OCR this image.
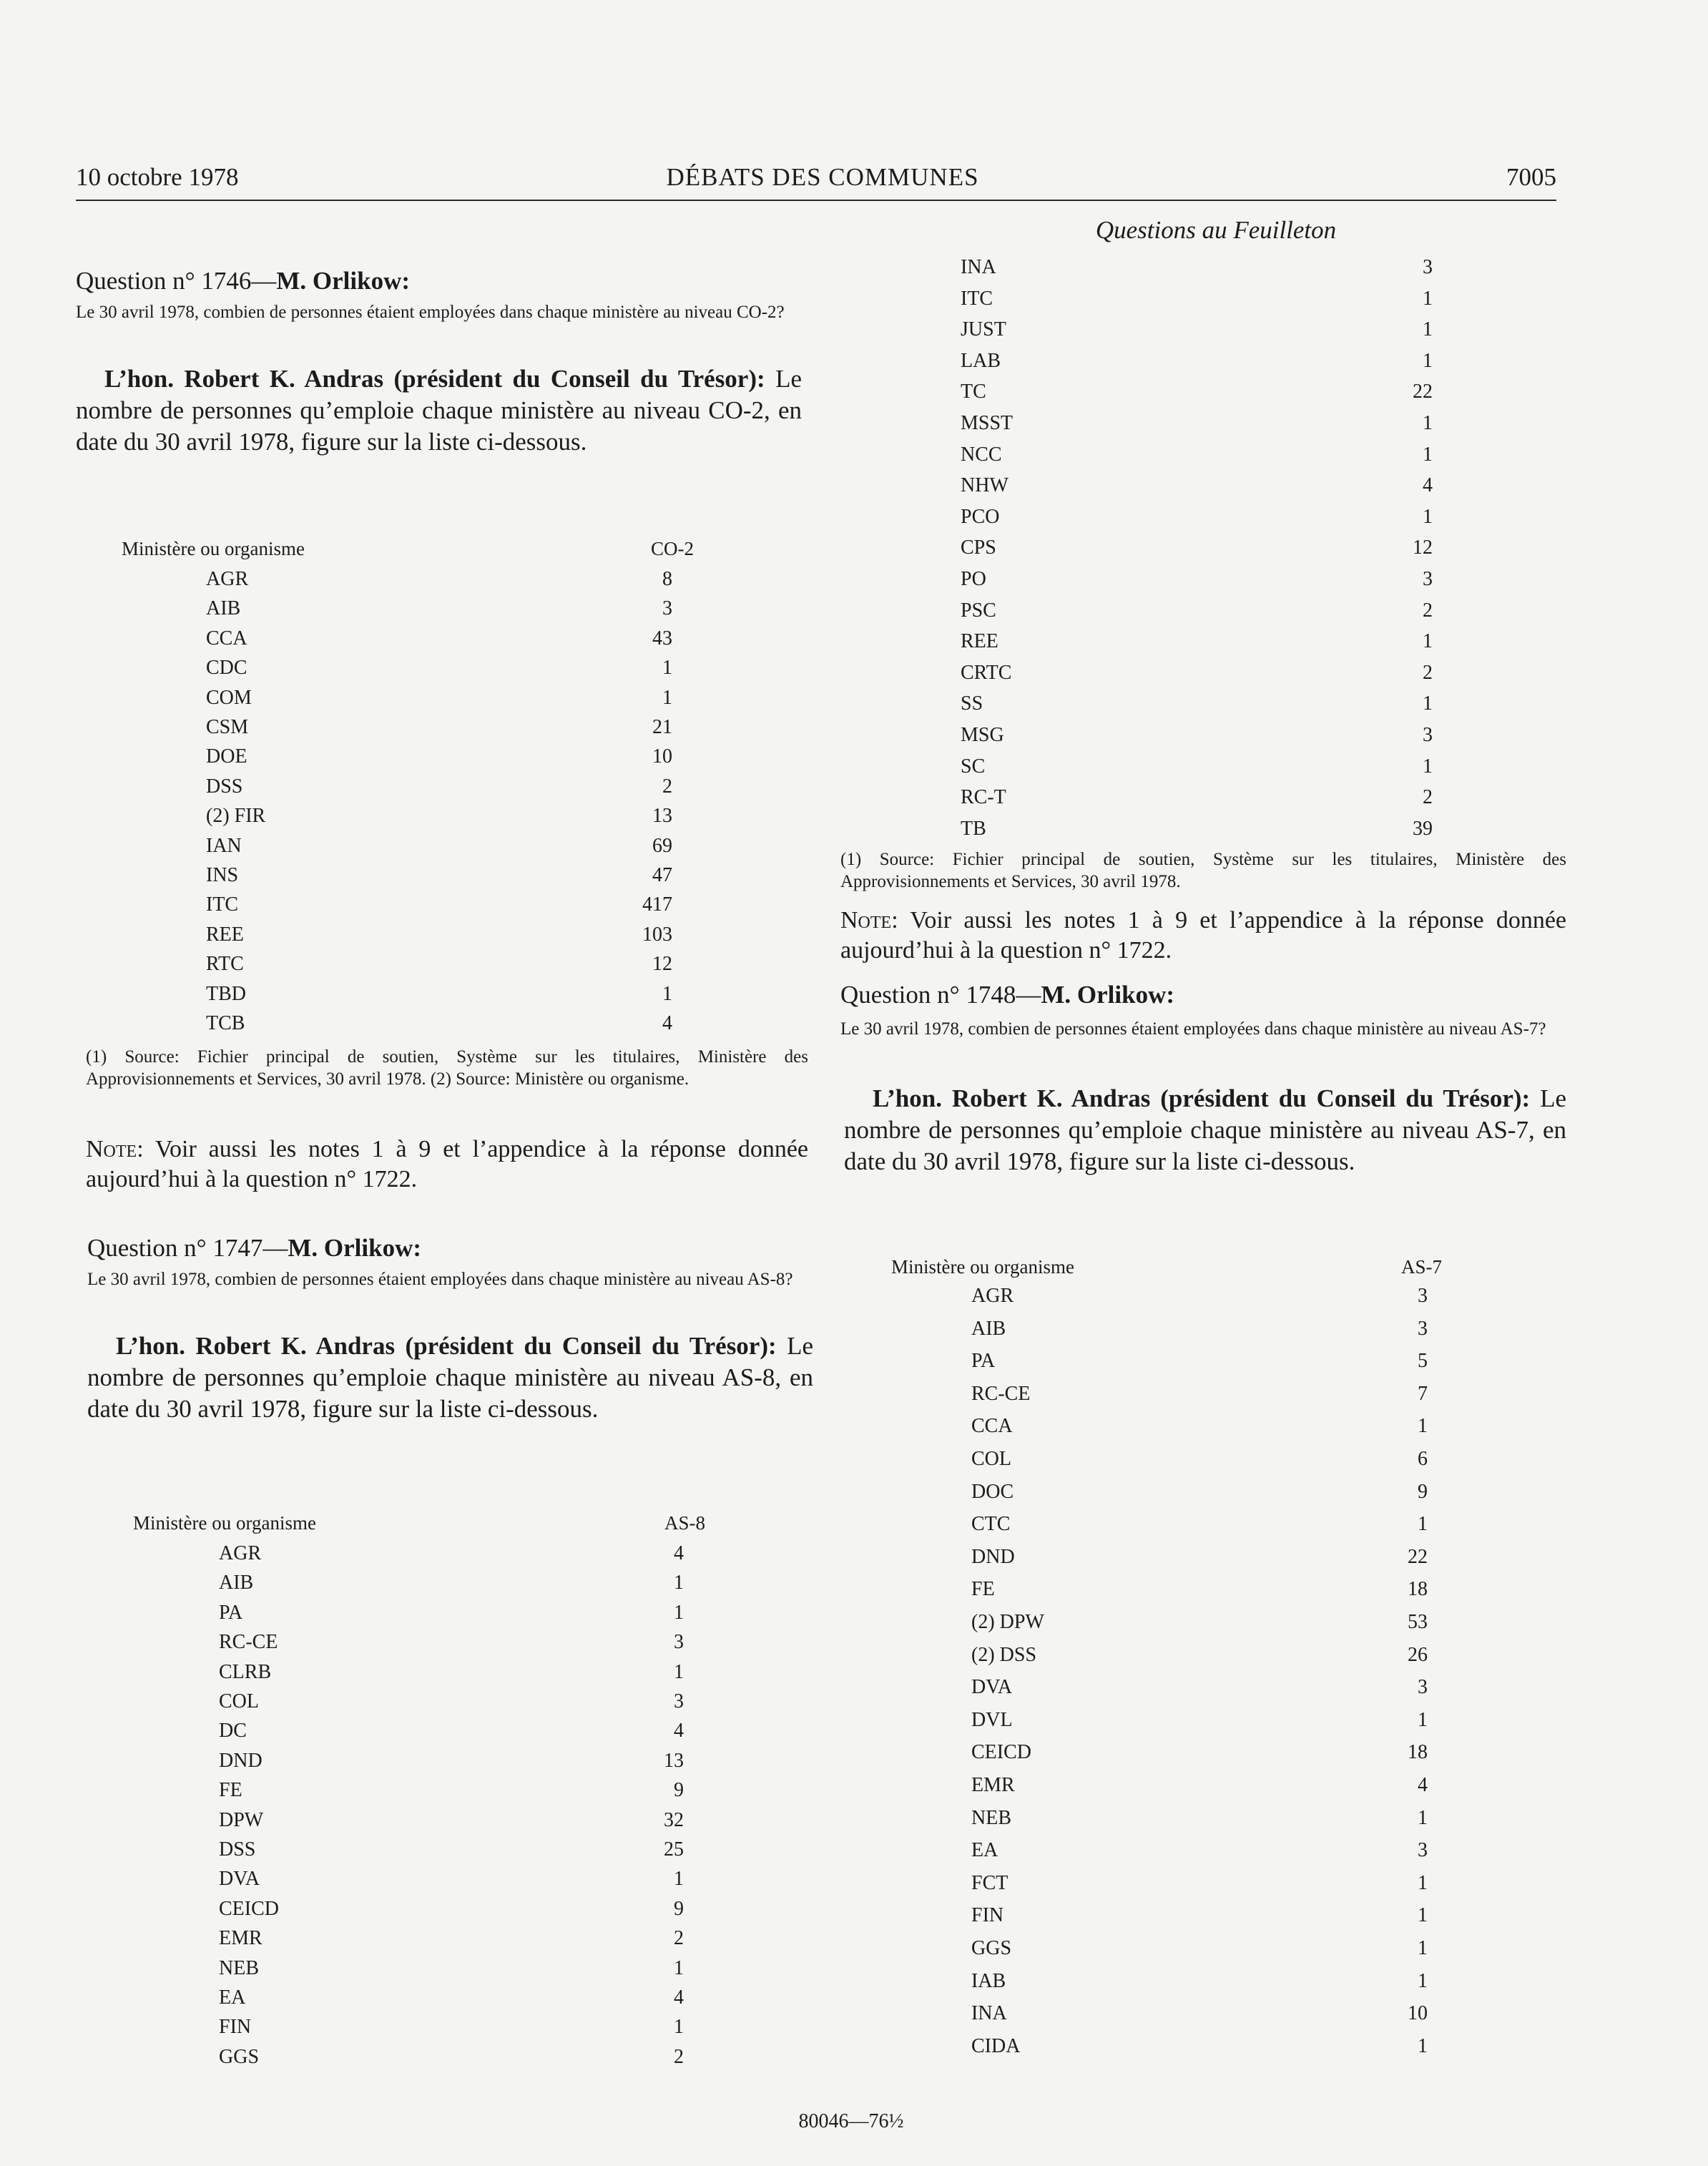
10 octobre 1978	DÉBATS DES COMMUNES	7005
Questions au Feuilleton
Question n° 1746—M. Orlikow:
Le 30 avril 1978, combien de personnes étaient employées dans chaque ministère au niveau CO-2?
L’hon. Robert K. Andras (président du Conseil du Trésor): Le nombre de personnes qu’emploie chaque ministère au niveau CO-2, en date du 30 avril 1978, figure sur la liste ci-dessous.
Ministère ou organisme	CO-2
AGR	8
AIB	3
CCA	43
CDC	1
COM	1
CSM	21
DOE	10
DSS	2
(2) FIR	13
IAN	69
INS	47
ITC	417
REE	103
RTC	12
TBD	1
TCB	4
(1) Source: Fichier principal de soutien, Système sur les titulaires, Ministère des Approvisionnements et Services, 30 avril 1978. (2) Source: Ministère ou organisme.
Note: Voir aussi les notes 1 à 9 et l’appendice à la réponse donnée aujourd’hui à la question n° 1722.
Question n° 1747—M. Orlikow:
Le 30 avril 1978, combien de personnes étaient employées dans chaque ministère au niveau AS-8?
L’hon. Robert K. Andras (président du Conseil du Trésor): Le nombre de personnes qu’emploie chaque ministère au niveau AS-8, en date du 30 avril 1978, figure sur la liste ci-dessous.
Ministère ou organisme	AS-8
AGR	4
AIB	1
PA	1
RC-CE	3
CLRB	1
COL	3
DC	4
DND	13
FE	9
DPW	32
DSS	25
DVA	1
CEICD	9
EMR	2
NEB	1
EA	4
FIN	1
GGS	2
INA	3
ITC	1
JUST	1
LAB	1
TC	22
MSST	1
NCC	1
NHW	4
PCO	1
CPS	12
PO	3
PSC	2
REE	1
CRTC	2
SS	1
MSG	3
SC	1
RC-T	2
TB	39
(1) Source: Fichier principal de soutien, Système sur les titulaires, Ministère des Approvisionnements et Services, 30 avril 1978.
Note: Voir aussi les notes 1 à 9 et l’appendice à la réponse donnée aujourd’hui à la question n° 1722.
Question n° 1748—M. Orlikow:
Le 30 avril 1978, combien de personnes étaient employées dans chaque ministère au niveau AS-7?
L’hon. Robert K. Andras (président du Conseil du Trésor): Le nombre de personnes qu’emploie chaque ministère au niveau AS-7, en date du 30 avril 1978, figure sur la liste ci-dessous.
Ministère ou organisme	AS-7
AGR	3
AIB	3
PA	5
RC-CE	7
CCA	1
COL	6
DOC	9
CTC	1
DND	22
FE	18
(2) DPW	53
(2) DSS	26
DVA	3
DVL	1
CEICD	18
EMR	4
NEB	1
EA	3
FCT	1
FIN	1
GGS	1
IAB	1
INA	10
CIDA	1
80046—76½
